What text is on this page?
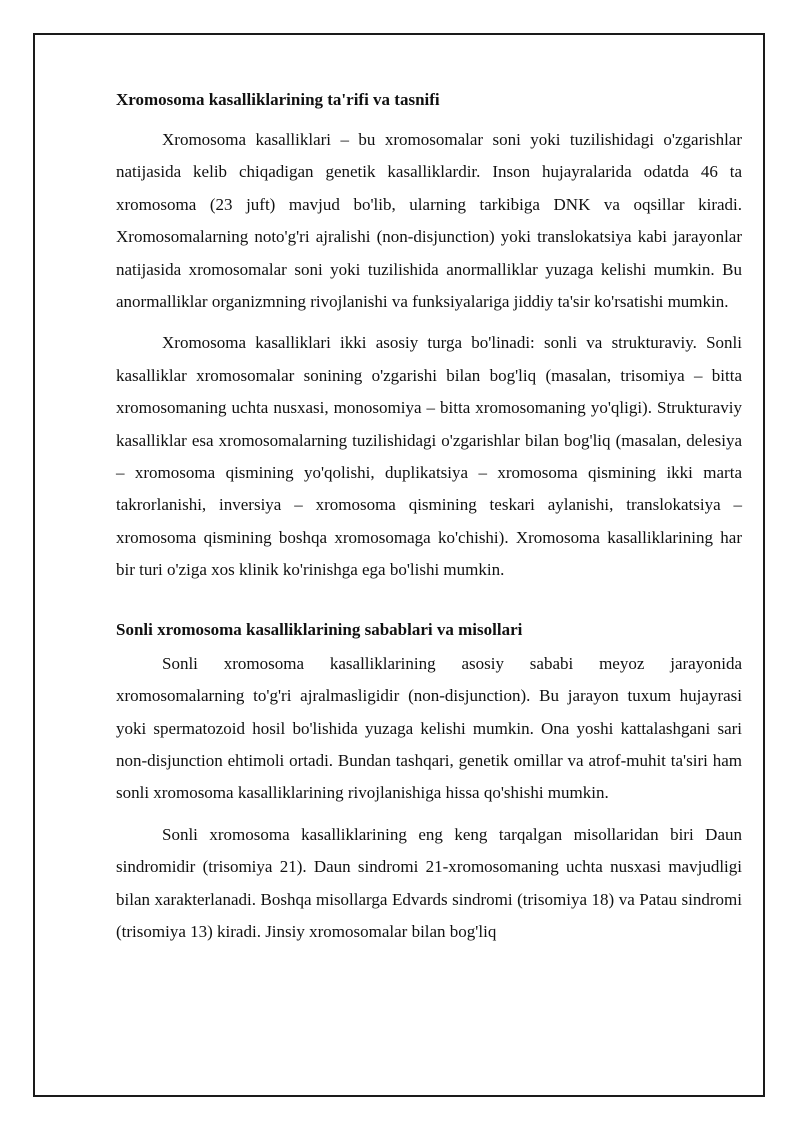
Xromosoma kasalliklarining ta'rifi va tasnifi

Xromosoma kasalliklari – bu xromosomalar soni yoki tuzilishidagi o'zgarishlar natijasida kelib chiqadigan genetik kasalliklardir. Inson hujayralarida odatda 46 ta xromosoma (23 juft) mavjud bo'lib, ularning tarkibiga DNK va oqsillar kiradi. Xromosomalarning noto'g'ri ajralishi (non-disjunction) yoki translokatsiya kabi jarayonlar natijasida xromosomalar soni yoki tuzilishida anormalliklar yuzaga kelishi mumkin. Bu anormalliklar organizmning rivojlanishi va funksiyalariga jiddiy ta'sir ko'rsatishi mumkin.

Xromosoma kasalliklari ikki asosiy turga bo'linadi: sonli va strukturaviy. Sonli kasalliklar xromosomalar sonining o'zgarishi bilan bog'liq (masalan, trisomiya – bitta xromosomaning uchta nusxasi, monosomiya – bitta xromosomaning yo'qligi). Strukturaviy kasalliklar esa xromosomalarning tuzilishidagi o'zgarishlar bilan bog'liq (masalan, delesiya – xromosoma qismining yo'qolishi, duplikatsiya – xromosoma qismining ikki marta takrorlanishi, inversiya – xromosoma qismining teskari aylanishi, translokatsiya – xromosoma qismining boshqa xromosomaga ko'chishi). Xromosoma kasalliklarining har bir turi o'ziga xos klinik ko'rinishga ega bo'lishi mumkin.

Sonli xromosoma kasalliklarining sabablari va misollari

Sonli xromosoma kasalliklarining asosiy sababi meyoz jarayonida xromosomalarning to'g'ri ajralmasligidir (non-disjunction). Bu jarayon tuxum hujayrasi yoki spermatozoid hosil bo'lishida yuzaga kelishi mumkin. Ona yoshi kattalashgani sari non-disjunction ehtimoli ortadi. Bundan tashqari, genetik omillar va atrof-muhit ta'siri ham sonli xromosoma kasalliklarining rivojlanishiga hissa qo'shishi mumkin.

Sonli xromosoma kasalliklarining eng keng tarqalgan misollaridan biri Daun sindromidir (trisomiya 21). Daun sindromi 21-xromosomaning uchta nusxasi mavjudligi bilan xarakterlanadi. Boshqa misollarga Edvards sindromi (trisomiya 18) va Patau sindromi (trisomiya 13) kiradi. Jinsiy xromosomalar bilan bog'liq
